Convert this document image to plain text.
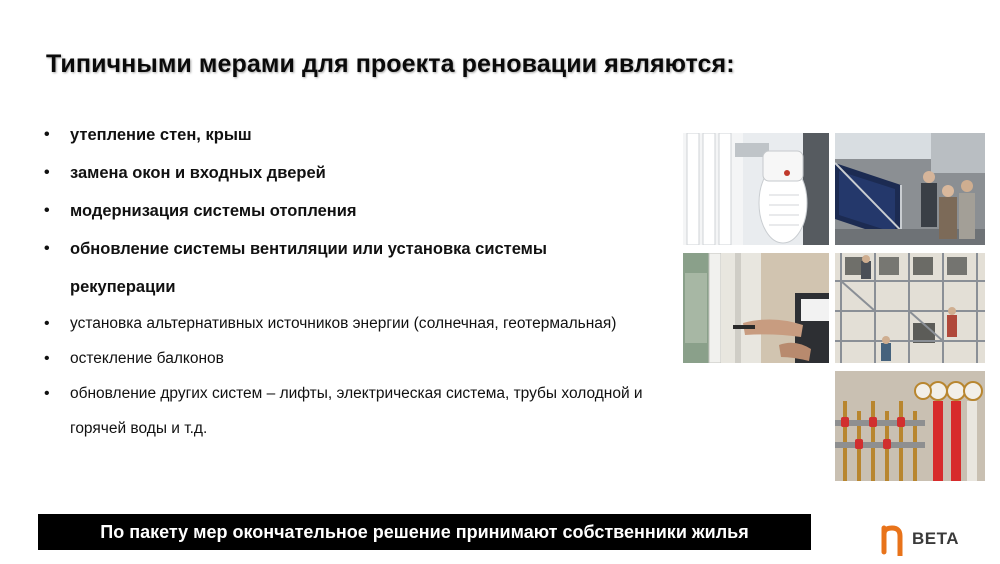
Типичными мерами для проекта реновации являются:
• утепление стен, крыш
• замена окон и входных дверей
• модернизация системы отопления
• обновление системы вентиляции или установка системы рекуперации
• установка альтернативных источников энергии (солнечная, геотермальная)
• остекление балконов
• обновление других систем – лифты, электрическая система, трубы холодной и горячей воды и т.д.
По пакету мер окончательное решение принимают собственники жилья	BETA
